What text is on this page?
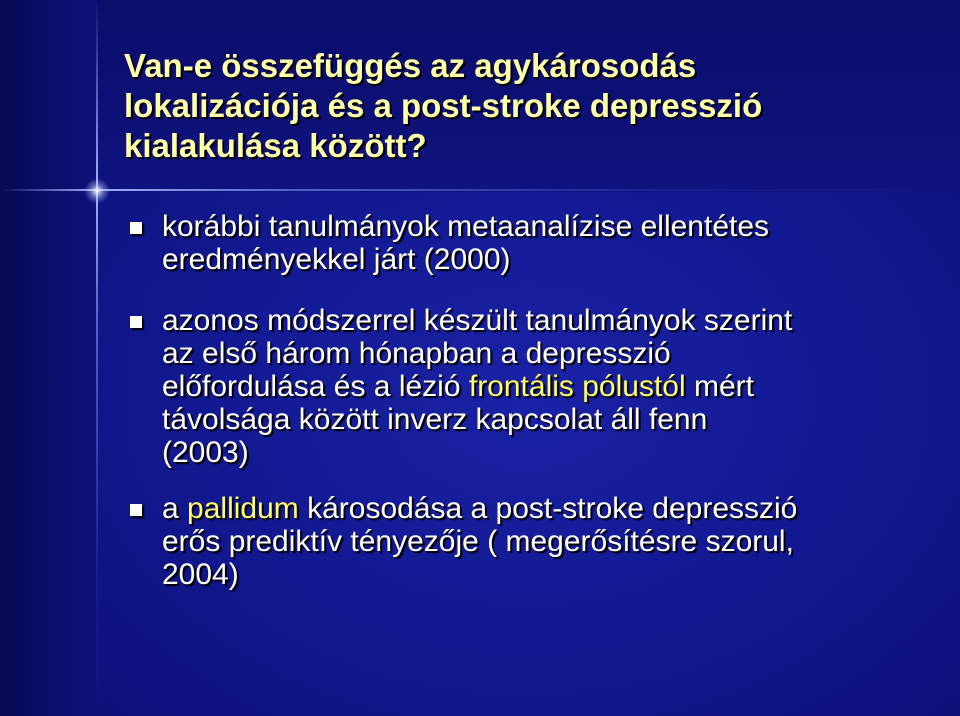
Van-e összefüggés az agykárosodás
lokalizációja és a post-stroke depresszió
kialakulása között?
korábbi tanulmányok metaanalízise ellentétes
eredményekkel járt (2000)
azonos módszerrel készült tanulmányok szerint
az első három hónapban a depresszió
előfordulása és a lézió frontális pólustól mért
távolsága között inverz kapcsolat áll fenn
(2003)
a pallidum károsodása a post-stroke depresszió
erős prediktív tényezője ( megerősítésre szorul,
2004)
